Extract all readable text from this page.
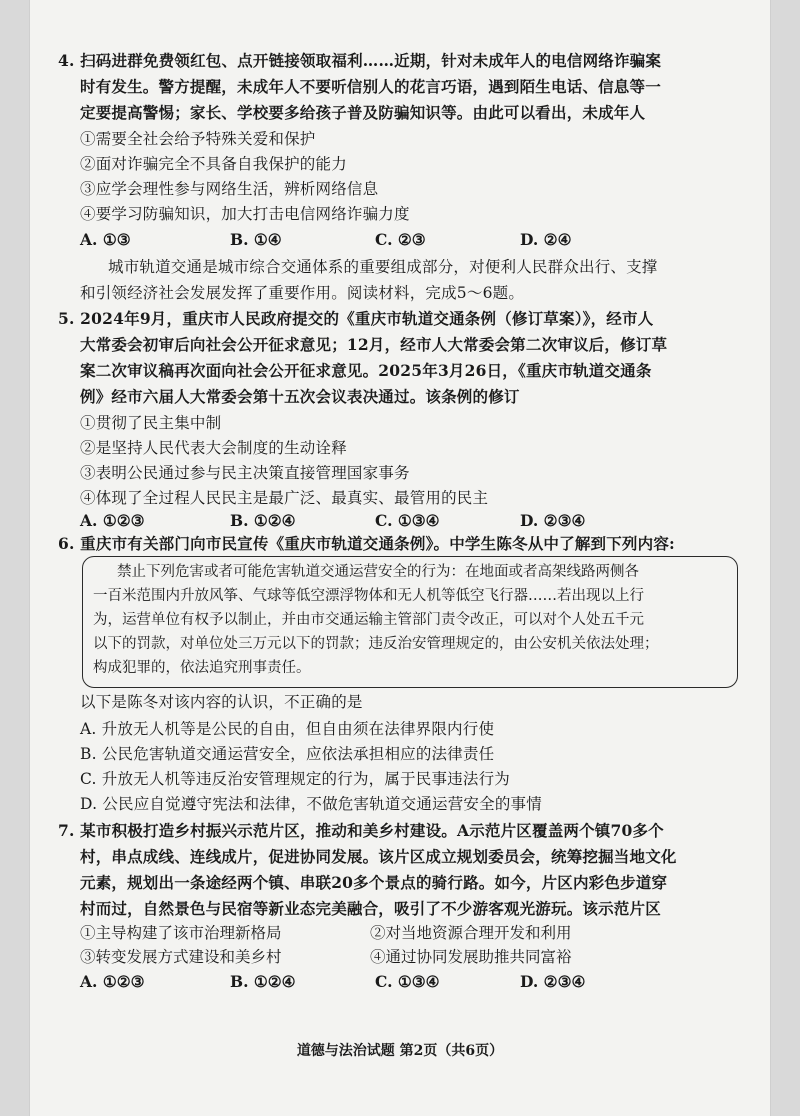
4. 扫码进群免费领红包、点开链接领取福利……近期，针对未成年人的电信网络诈骗案
时有发生。警方提醒，未成年人不要听信别人的花言巧语，遇到陌生电话、信息等一
定要提高警惕；家长、学校要多给孩子普及防骗知识等。由此可以看出，未成年人
①需要全社会给予特殊关爱和保护
②面对诈骗完全不具备自我保护的能力
③应学会理性参与网络生活，辨析网络信息
④要学习防骗知识，加大打击电信网络诈骗力度
A. ①③	B. ①④	C. ②③	D. ②④
城市轨道交通是城市综合交通体系的重要组成部分，对便利人民群众出行、支撑
和引领经济社会发展发挥了重要作用。阅读材料，完成5～6题。
5. 2024年9月，重庆市人民政府提交的《重庆市轨道交通条例（修订草案）》，经市人
大常委会初审后向社会公开征求意见；12月，经市人大常委会第二次审议后，修订草
案二次审议稿再次面向社会公开征求意见。2025年3月26日，《重庆市轨道交通条
例》经市六届人大常委会第十五次会议表决通过。该条例的修订
①贯彻了民主集中制
②是坚持人民代表大会制度的生动诠释
③表明公民通过参与民主决策直接管理国家事务
④体现了全过程人民民主是最广泛、最真实、最管用的民主
A. ①②③	B. ①②④	C. ①③④	D. ②③④
6. 重庆市有关部门向市民宣传《重庆市轨道交通条例》。中学生陈冬从中了解到下列内容:
禁止下列危害或者可能危害轨道交通运营安全的行为：在地面或者高架线路两侧各
一百米范围内升放风筝、气球等低空漂浮物体和无人机等低空飞行器……若出现以上行
为，运营单位有权予以制止，并由市交通运输主管部门责令改正，可以对个人处五千元
以下的罚款，对单位处三万元以下的罚款；违反治安管理规定的，由公安机关依法处理；
构成犯罪的，依法追究刑事责任。
以下是陈冬对该内容的认识，不正确的是
A. 升放无人机等是公民的自由，但自由须在法律界限内行使
B. 公民危害轨道交通运营安全，应依法承担相应的法律责任
C. 升放无人机等违反治安管理规定的行为，属于民事违法行为
D. 公民应自觉遵守宪法和法律，不做危害轨道交通运营安全的事情
7. 某市积极打造乡村振兴示范片区，推动和美乡村建设。A示范片区覆盖两个镇70多个
村，串点成线、连线成片，促进协同发展。该片区成立规划委员会，统筹挖掘当地文化
元素，规划出一条途经两个镇、串联20多个景点的骑行路。如今，片区内彩色步道穿
村而过，自然景色与民宿等新业态完美融合，吸引了不少游客观光游玩。该示范片区
①主导构建了该市治理新格局	②对当地资源合理开发和利用
③转变发展方式建设和美乡村	④通过协同发展助推共同富裕
A. ①②③	B. ①②④	C. ①③④	D. ②③④
道德与法治试题 第2页（共6页）
